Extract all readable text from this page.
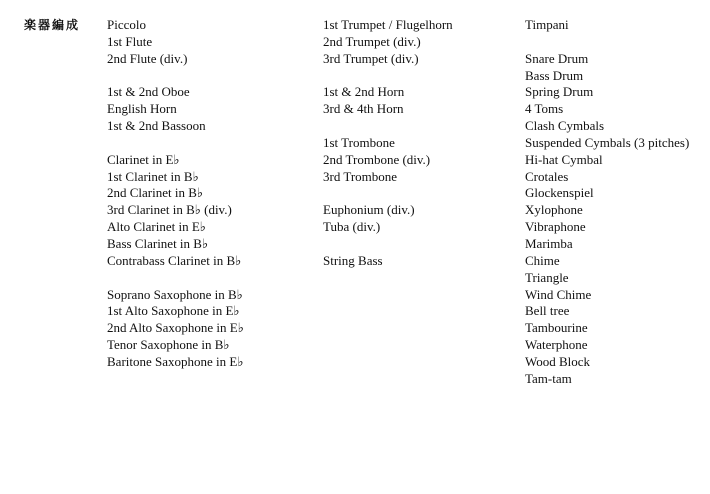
楽器編成 Piccolo
1st Flute
2nd Flute (div.)
1st & 2nd Oboe
English Horn
1st & 2nd Bassoon
Clarinet in E♭
1st Clarinet in B♭
2nd Clarinet in B♭
3rd Clarinet in B♭ (div.)
Alto Clarinet in E♭
Bass Clarinet in B♭
Contrabass Clarinet in B♭
Soprano Saxophone in B♭
1st Alto Saxophone in E♭
2nd Alto Saxophone in E♭
Tenor Saxophone in B♭
Baritone Saxophone in E♭
1st Trumpet / Flugelhorn
2nd Trumpet (div.)
3rd Trumpet (div.)
1st & 2nd Horn
3rd & 4th Horn
1st Trombone
2nd Trombone (div.)
3rd Trombone
Euphonium (div.)
Tuba (div.)
String Bass
Timpani
Snare Drum
Bass Drum
Spring Drum
4 Toms
Clash Cymbals
Suspended Cymbals (3 pitches)
Hi-hat Cymbal
Crotales
Glockenspiel
Xylophone
Vibraphone
Marimba
Chime
Triangle
Wind Chime
Bell tree
Tambourine
Waterphone
Wood Block
Tam-tam
